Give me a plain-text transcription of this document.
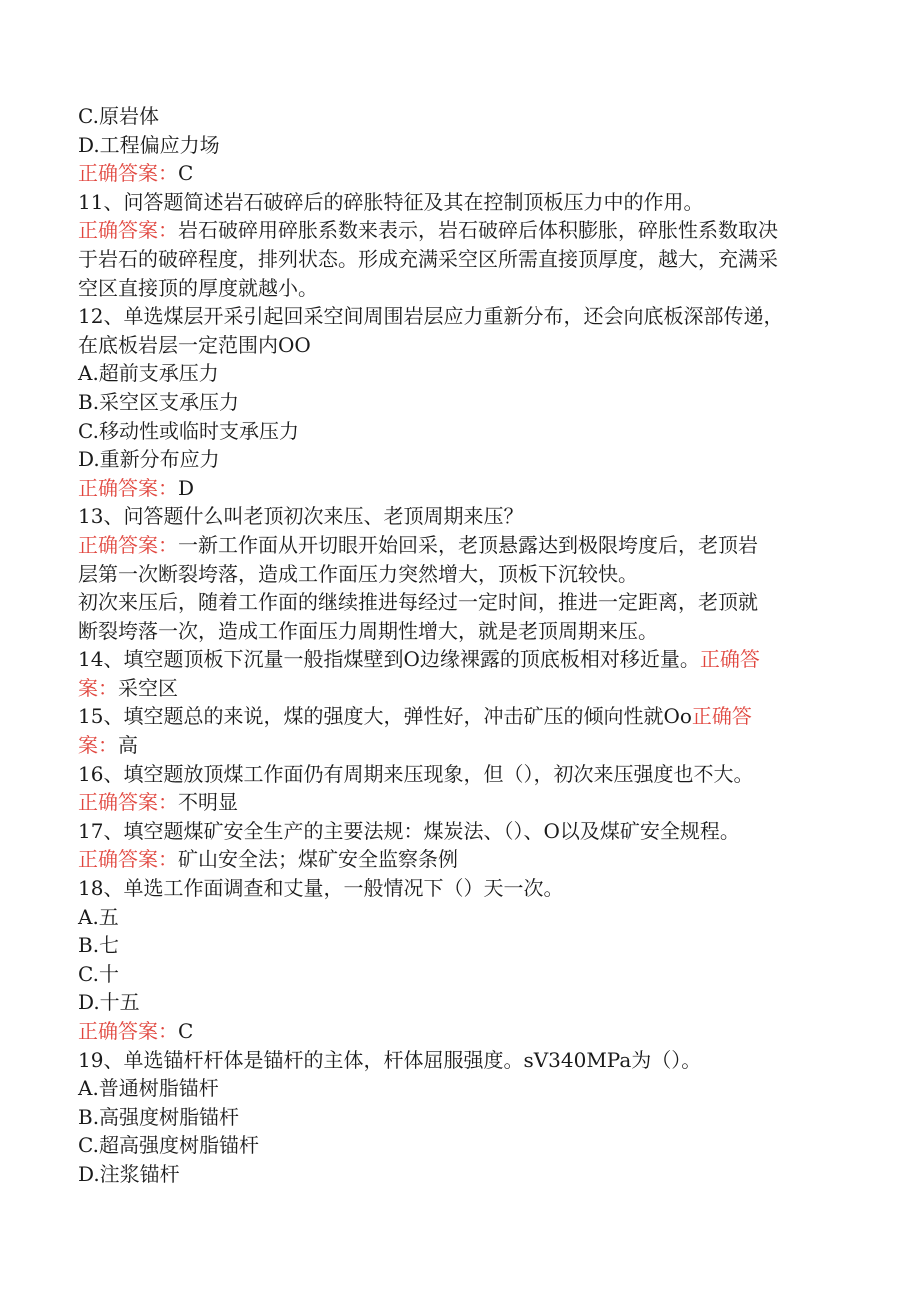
C.原岩体
D.工程偏应力场
正确答案：C
11、问答题简述岩石破碎后的碎胀特征及其在控制顶板压力中的作用。
正确答案：岩石破碎用碎胀系数来表示，岩石破碎后体积膨胀，碎胀性系数取决
于岩石的破碎程度，排列状态。形成充满采空区所需直接顶厚度，越大，充满采
空区直接顶的厚度就越小。
12、单选煤层开采引起回采空间周围岩层应力重新分布，还会向底板深部传递，
在底板岩层一定范围内OO
A.超前支承压力
B.采空区支承压力
C.移动性或临时支承压力
D.重新分布应力
正确答案：D
13、问答题什么叫老顶初次来压、老顶周期来压？
正确答案：一新工作面从开切眼开始回采，老顶悬露达到极限垮度后，老顶岩
层第一次断裂垮落，造成工作面压力突然增大，顶板下沉较快。
初次来压后，随着工作面的继续推进每经过一定时间，推进一定距离，老顶就
断裂垮落一次，造成工作面压力周期性增大，就是老顶周期来压。
14、填空题顶板下沉量一般指煤壁到O边缘裸露的顶底板相对移近量。正确答
案：采空区
15、填空题总的来说，煤的强度大，弹性好，冲击矿压的倾向性就Oo正确答
案：高
16、填空题放顶煤工作面仍有周期来压现象，但（），初次来压强度也不大。
正确答案：不明显
17、填空题煤矿安全生产的主要法规：煤炭法、（）、O以及煤矿安全规程。
正确答案：矿山安全法；煤矿安全监察条例
18、单选工作面调查和丈量，一般情况下（）天一次。
A.五
B.七
C.十
D.十五
正确答案：C
19、单选锚杆杆体是锚杆的主体，杆体屈服强度。sV340MPa为（）。
A.普通树脂锚杆
B.高强度树脂锚杆
C.超高强度树脂锚杆
D.注浆锚杆
